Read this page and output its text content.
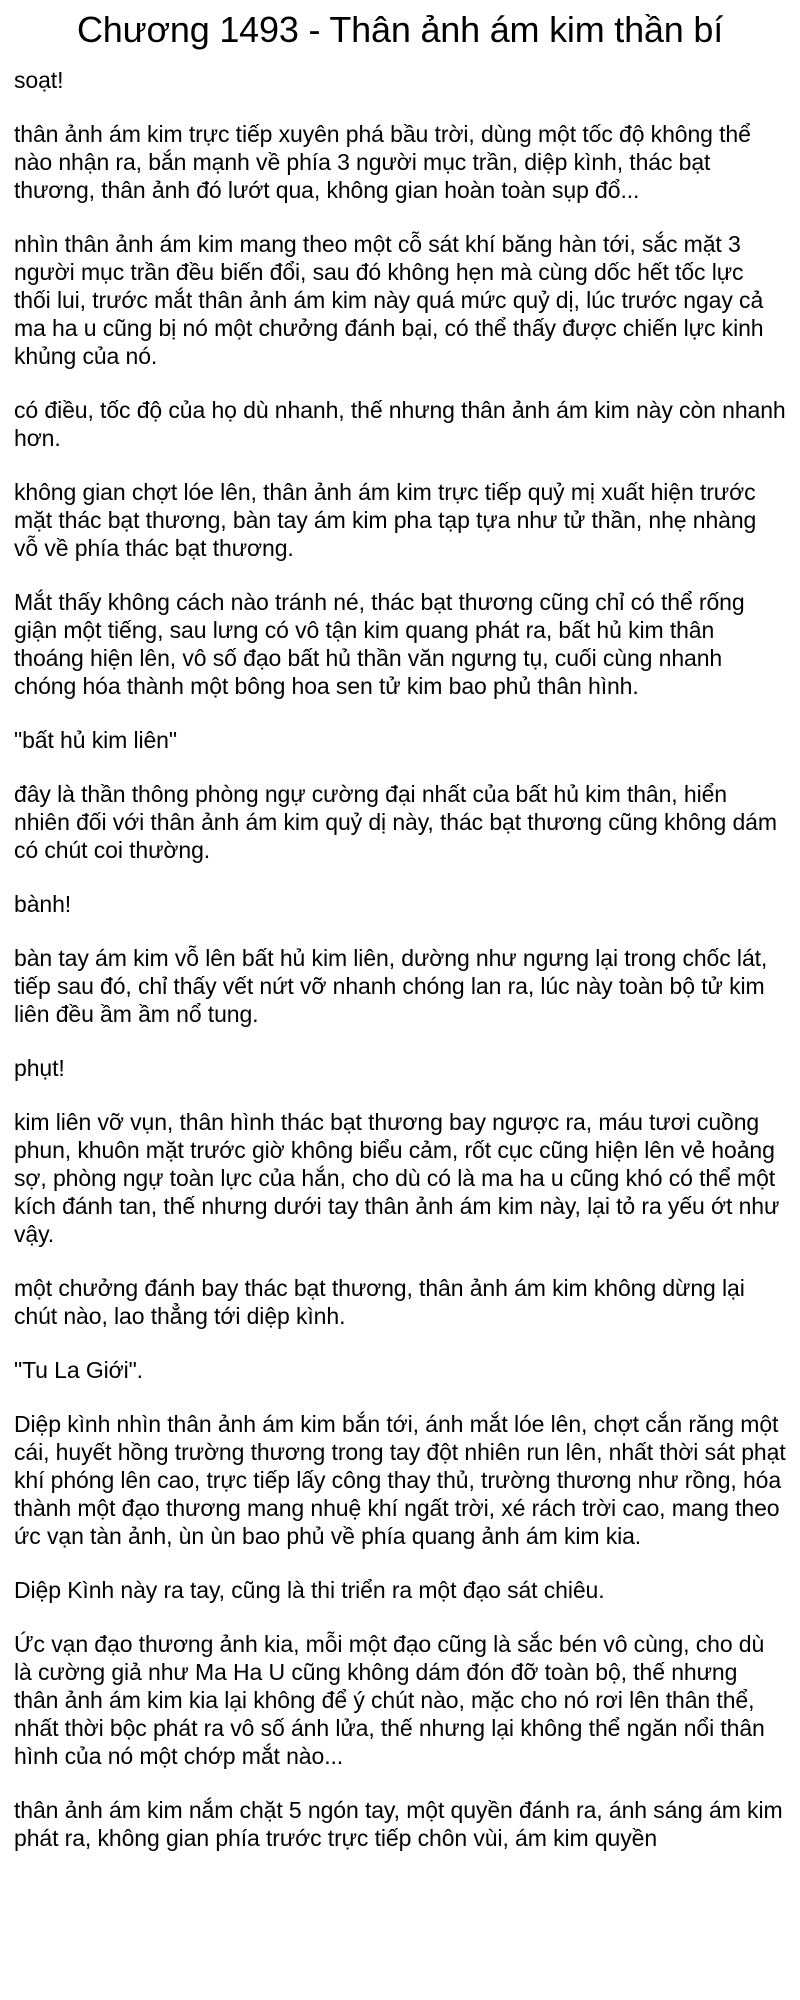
Chương 1493 - Thân ảnh ám kim thần bí

soạt!

thân ảnh ám kim trực tiếp xuyên phá bầu trời, dùng một tốc độ không thể nào nhận ra, bắn mạnh về phía 3 người mục trần, diệp kình, thác bạt thương, thân ảnh đó lướt qua, không gian hoàn toàn sụp đổ...

nhìn thân ảnh ám kim mang theo một cỗ sát khí băng hàn tới, sắc mặt 3 người mục trần đều biến đổi, sau đó không hẹn mà cùng dốc hết tốc lực thối lui, trước mắt thân ảnh ám kim này quá mức quỷ dị, lúc trước ngay cả ma ha u cũng bị nó một chưởng đánh bại, có thể thấy được chiến lực kinh khủng của nó.

có điều, tốc độ của họ dù nhanh, thế nhưng thân ảnh ám kim này còn nhanh hơn.

không gian chợt lóe lên, thân ảnh ám kim trực tiếp quỷ mị xuất hiện trước mặt thác bạt thương, bàn tay ám kim pha tạp tựa như tử thần, nhẹ nhàng vỗ về phía thác bạt thương.

Mắt thấy không cách nào tránh né, thác bạt thương cũng chỉ có thể rống giận một tiếng, sau lưng có vô tận kim quang phát ra, bất hủ kim thân thoáng hiện lên, vô số đạo bất hủ thần văn ngưng tụ, cuối cùng nhanh chóng hóa thành một bông hoa sen tử kim bao phủ thân hình.

"bất hủ kim liên"

đây là thần thông phòng ngự cường đại nhất của bất hủ kim thân, hiển nhiên đối với thân ảnh ám kim quỷ dị này, thác bạt thương cũng không dám có chút coi thường.

bành!

bàn tay ám kim vỗ lên bất hủ kim liên, dường như ngưng lại trong chốc lát, tiếp sau đó, chỉ thấy vết nứt vỡ nhanh chóng lan ra, lúc này toàn bộ tử kim liên đều ầm ầm nổ tung.

phụt!

kim liên vỡ vụn, thân hình thác bạt thương bay ngược ra, máu tươi cuồng phun, khuôn mặt trước giờ không biểu cảm, rốt cục cũng hiện lên vẻ hoảng sợ, phòng ngự toàn lực của hắn, cho dù có là ma ha u cũng khó có thể một kích đánh tan, thế nhưng dưới tay thân ảnh ám kim này, lại tỏ ra yếu ớt như vậy.

một chưởng đánh bay thác bạt thương, thân ảnh ám kim không dừng lại chút nào, lao thẳng tới diệp kình.

"Tu La Giới".

Diệp kình nhìn thân ảnh ám kim bắn tới, ánh mắt lóe lên, chợt cắn răng một cái, huyết hồng trường thương trong tay đột nhiên run lên, nhất thời sát phạt khí phóng lên cao, trực tiếp lấy công thay thủ, trường thương như rồng, hóa thành một đạo thương mang nhuệ khí ngất trời, xé rách trời cao, mang theo ức vạn tàn ảnh, ùn ùn bao phủ về phía quang ảnh ám kim kia.

Diệp Kình này ra tay, cũng là thi triển ra một đạo sát chiêu.

Ức vạn đạo thương ảnh kia, mỗi một đạo cũng là sắc bén vô cùng, cho dù là cường giả như Ma Ha U cũng không dám đón đỡ toàn bộ, thế nhưng thân ảnh ám kim kia lại không để ý chút nào, mặc cho nó rơi lên thân thể, nhất thời bộc phát ra vô số ánh lửa, thế nhưng lại không thể ngăn nổi thân hình của nó một chớp mắt nào...

thân ảnh ám kim nắm chặt 5 ngón tay, một quyền đánh ra, ánh sáng ám kim phát ra, không gian phía trước trực tiếp chôn vùi, ám kim quyền
